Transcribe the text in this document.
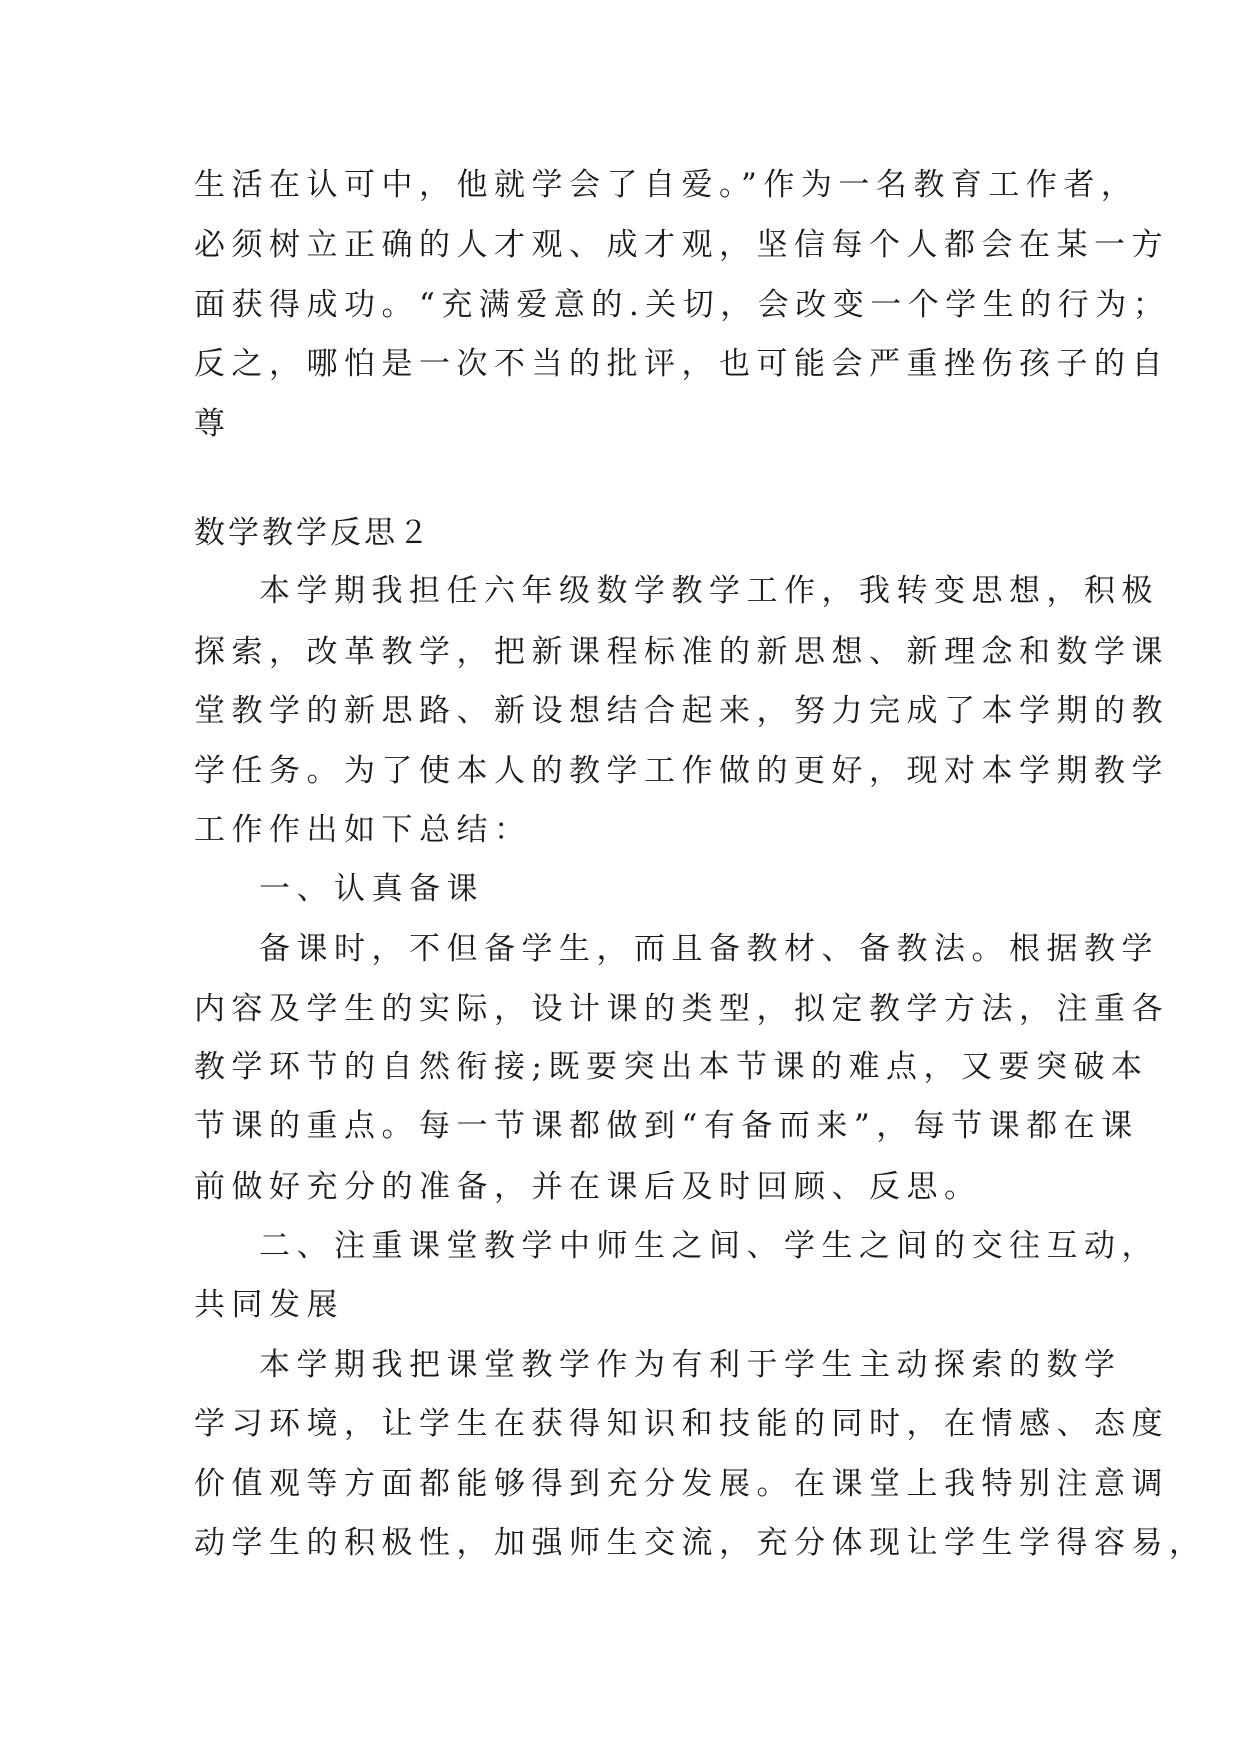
生活在认可中，他就学会了自爱。”作为一名教育工作者，
必须树立正确的人才观、成才观，坚信每个人都会在某一方
面获得成功。“充满爱意的.关切，会改变一个学生的行为；
反之，哪怕是一次不当的批评，也可能会严重挫伤孩子的自
尊
数学教学反思２
本学期我担任六年级数学教学工作，我转变思想，积极
探索，改革教学，把新课程标准的新思想、新理念和数学课
堂教学的新思路、新设想结合起来，努力完成了本学期的教
学任务。为了使本人的教学工作做的更好，现对本学期教学
工作作出如下总结：
一、认真备课
备课时，不但备学生，而且备教材、备教法。根据教学
内容及学生的实际，设计课的类型，拟定教学方法，注重各
教学环节的自然衔接;既要突出本节课的难点，又要突破本
节课的重点。每一节课都做到“有备而来”，每节课都在课
前做好充分的准备，并在课后及时回顾、反思。
二、注重课堂教学中师生之间、学生之间的交往互动，
共同发展
本学期我把课堂教学作为有利于学生主动探索的数学
学习环境，让学生在获得知识和技能的同时，在情感、态度
价值观等方面都能够得到充分发展。在课堂上我特别注意调
动学生的积极性，加强师生交流，充分体现让学生学得容易，
